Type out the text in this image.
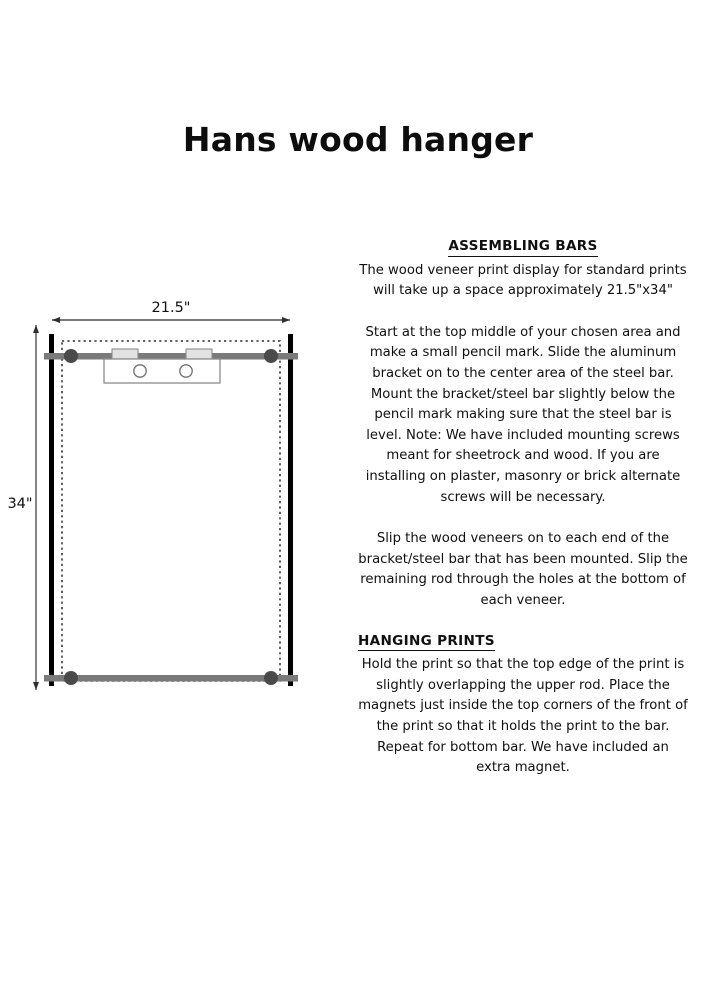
Hans wood hanger
21.5"
34"
ASSEMBLING BARS

The wood veneer print display for standard prints will take up a space approximately 21.5"x34"

Start at the top middle of your chosen area and make a small pencil mark. Slide the aluminum bracket on to the center area of the steel bar. Mount the bracket/steel bar slightly below the pencil mark making sure that the steel bar is level. Note: We have included mounting screws meant for sheetrock and wood. If you are installing on plaster, masonry or brick alternate screws will be necessary.

Slip the wood veneers on to each end of the bracket/steel bar that has been mounted. Slip the remaining rod through the holes at the bottom of each veneer.

HANGING PRINTS

Hold the print so that the top edge of the print is slightly overlapping the upper rod. Place the magnets just inside the top corners of the front of the print so that it holds the print to the bar. Repeat for bottom bar. We have included an extra magnet.
